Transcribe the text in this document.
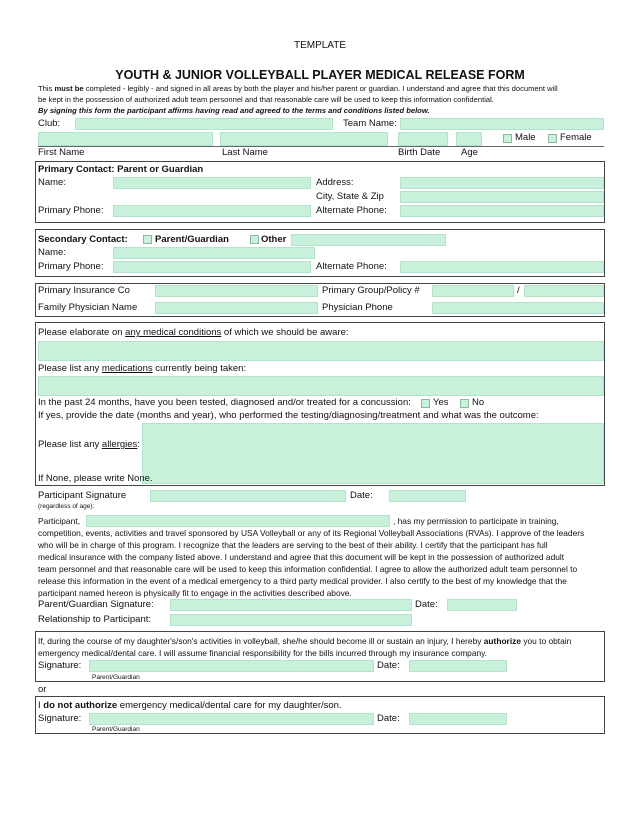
TEMPLATE
YOUTH & JUNIOR VOLLEYBALL PLAYER MEDICAL RELEASE FORM
This must be completed - legibly - and signed in all areas by both the player and his/her parent or guardian. I understand and agree that this document will
be kept in the possession of authorized adult team personnel and that reasonable care will be used to keep this information confidential.
By signing this form the participant affirms having read and agreed to the terms and conditions listed below.
Club:	Team Name:
Male	Female
First Name	Last Name	Birth Date Age
Primary Contact: Parent or Guardian
Name:	Address:
City, State & Zip
Primary Phone:	Alternate Phone:
Secondary Contact:	Parent/Guardian	Other
Name:
Primary Phone:	Alternate Phone:
Primary Insurance Co	Primary Group/Policy #	/
Family Physician Name	Physician Phone
Please elaborate on any medical conditions of which we should be aware:
Please list any medications currently being taken:
In the past 24 months, have you been tested, diagnosed and/or treated for a concussion: Yes No
If yes, provide the date (months and year), who performed the testing/diagnosing/treatment and what was the outcome:
Please list any allergies:
If None, please write None.
Participant Signature
(regardless of age):
Date:
Participant,	, has my permission to participate in training,
competition, events, activities and travel sponsored by USA Volleyball or any of its Regional Volleyball Associations (RVAs). I approve of the leaders
who will be in charge of this program. I recognize that the leaders are serving to the best of their ability. I certify that the participant has full
medical insurance with the company listed above. I understand and agree that this document will be kept in the possession of authorized adult
team personnel and that reasonable care will be used to keep this information confidential. I agree to allow the authorized adult team personnel to
release this information in the event of a medical emergency to a third party medical provider. I also certify to the best of my knowledge that the
participant named hereon is physically fit to engage in the activities described above.
Parent/Guardian Signature:	Date:
Relationship to Participant:
If, during the course of my daughter's/son's activities in volleyball, she/he should become ill or sustain an injury, I hereby authorize you to obtain
emergency medical/dental care. I will assume financial responsibility for the bills incurred through my insurance company.
Signature:	Date:
Parent/Guardian
or
I do not authorize emergency medical/dental care for my daughter/son.
Signature:	Date:
Parent/Guardian
